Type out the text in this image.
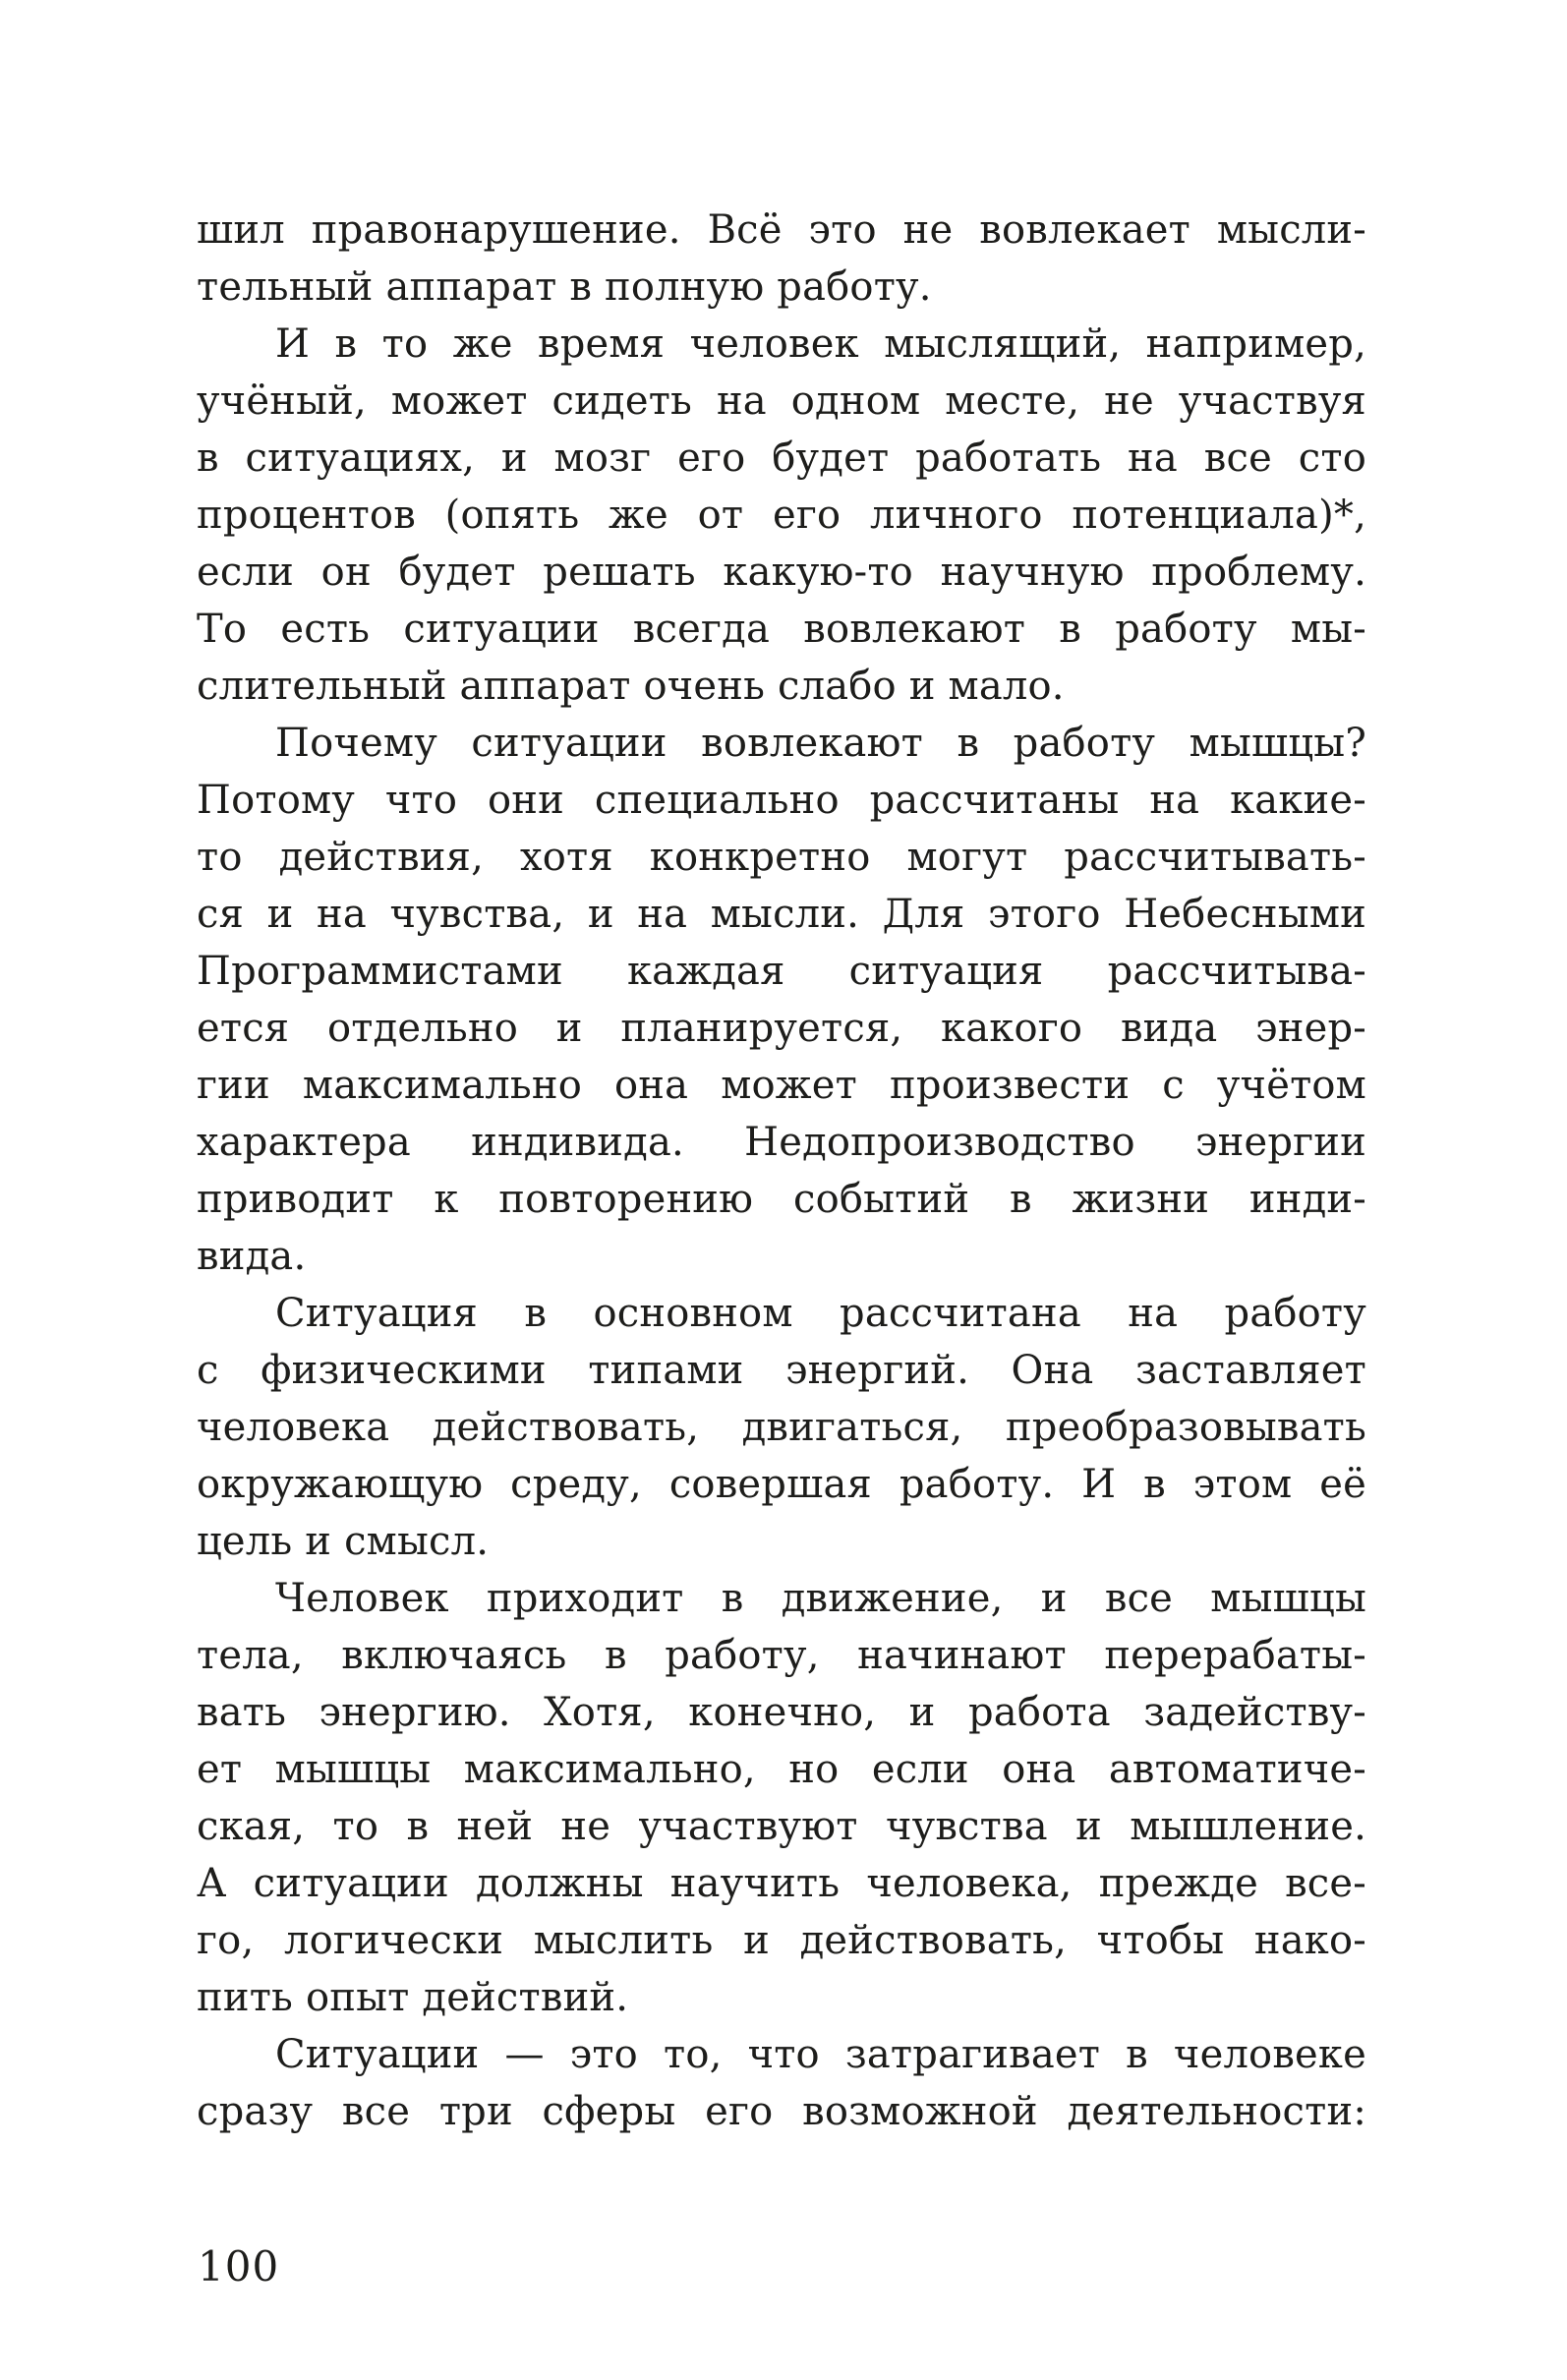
шил правонарушение. Всё это не вовлекает мысли-
тельный аппарат в полную работу.
И в то же время человек мыслящий, например,
учёный, может сидеть на одном месте, не участвуя
в ситуациях, и мозг его будет работать на все сто
процентов (опять же от его личного потенциала)*,
если он будет решать какую-то научную проблему.
То есть ситуации всегда вовлекают в работу мы-
слительный аппарат очень слабо и мало.
Почему ситуации вовлекают в работу мышцы?
Потому что они специально рассчитаны на какие-
то действия, хотя конкретно могут рассчитывать-
ся и на чувства, и на мысли. Для этого Небесными
Программистами каждая ситуация рассчитыва-
ется отдельно и планируется, какого вида энер-
гии максимально она может произвести с учётом
характера индивида. Недопроизводство энергии
приводит к повторению событий в жизни инди-
вида.
Ситуация в основном рассчитана на работу
с физическими типами энергий. Она заставляет
человека действовать, двигаться, преобразовывать
окружающую среду, совершая работу. И в этом её
цель и смысл.
Человек приходит в движение, и все мышцы
тела, включаясь в работу, начинают перерабаты-
вать энергию. Хотя, конечно, и работа задейству-
ет мышцы максимально, но если она автоматиче-
ская, то в ней не участвуют чувства и мышление.
А ситуации должны научить человека, прежде все-
го, логически мыслить и действовать, чтобы нако-
пить опыт действий.
Ситуации — это то, что затрагивает в человеке
сразу все три сферы его возможной деятельности:
100
